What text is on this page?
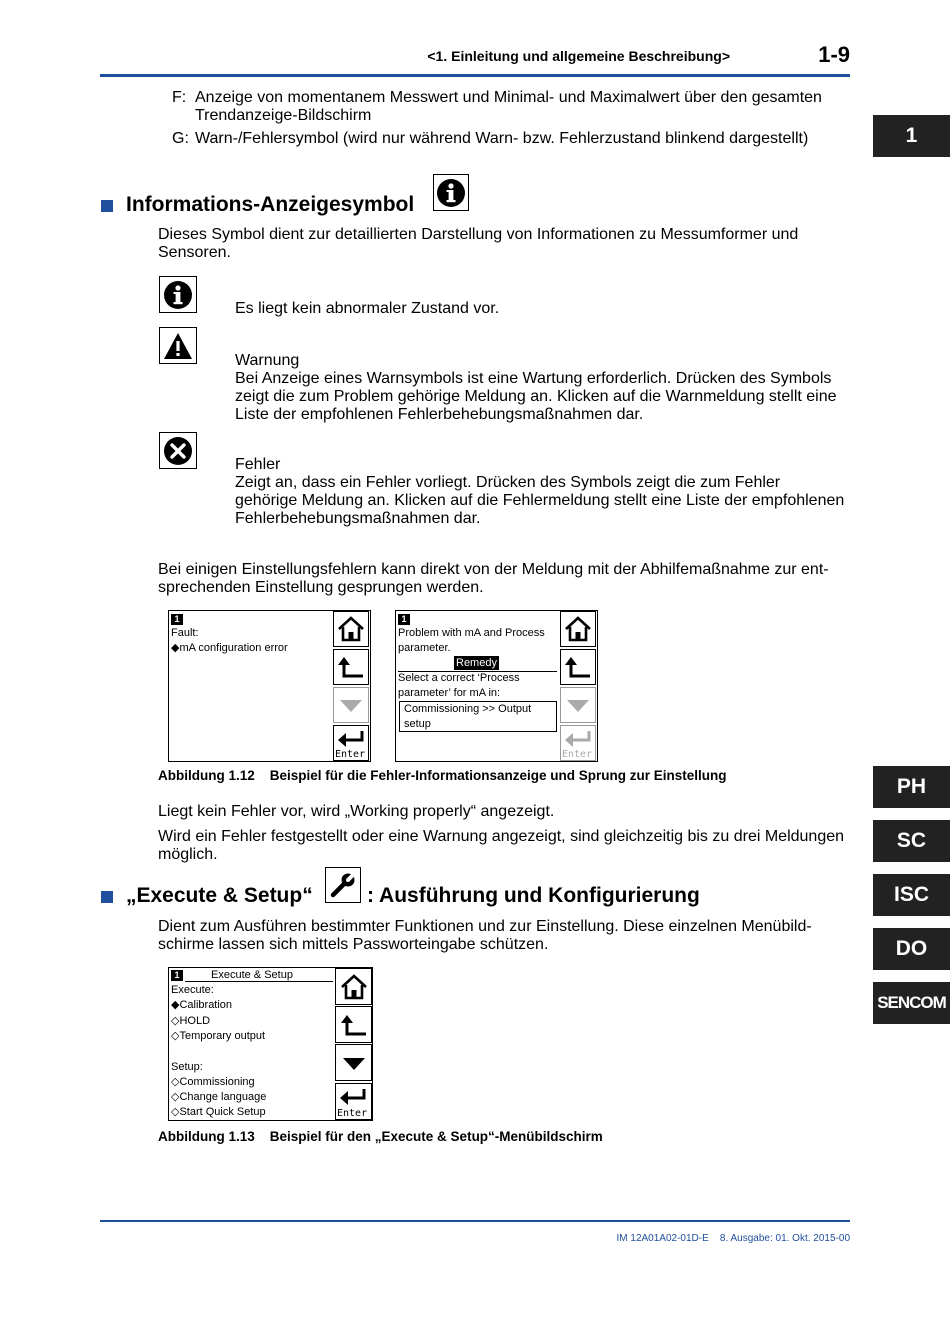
<1. Einleitung und allgemeine Beschreibung>	1-9
F: Anzeige von momentanem Messwert und Minimal- und Maximalwert über den gesamten
Trendanzeige-Bildschirm
G: Warn-/Fehlersymbol (wird nur während Warn- bzw. Fehlerzustand blinkend dargestellt)	1
PH
SC
ISC
DO
SENCOM
Informations-Anzeigesymbol
Dieses Symbol dient zur detaillierten Darstellung von Informationen zu Messumformer und
Sensoren.
Es liegt kein abnormaler Zustand vor.
Warnung
Bei Anzeige eines Warnsymbols ist eine Wartung erforderlich. Drücken des Symbols
zeigt die zum Problem gehörige Meldung an. Klicken auf die Warnmeldung stellt eine
Liste der empfohlenen Fehlerbehebungsmaßnahmen dar.
Fehler
Zeigt an, dass ein Fehler vorliegt. Drücken des Symbols zeigt die zum Fehler
gehörige Meldung an. Klicken auf die Fehlermeldung stellt eine Liste der empfohlenen
Fehlerbehebungsmaßnahmen dar.
Bei einigen Einstellungsfehlern kann direkt von der Meldung mit der Abhilfemaßnahme zur ent-
sprechenden Einstellung gesprungen werden.
1
Fault:
◆mA configuration error
Enter
1
Problem with mA and Process
parameter.
Remedy
Select a correct ‘Process
parameter’ for mA in:
Commissioning >> Output
setup
Enter
Abbildung 1.12    Beispiel für die Fehler-Informationsanzeige und Sprung zur Einstellung
Liegt kein Fehler vor, wird „Working properly“ angezeigt.
Wird ein Fehler festgestellt oder eine Warnung angezeigt, sind gleichzeitig bis zu drei Meldungen
möglich.
„Execute & Setup“	: Ausführung und Konfigurierung
Dient zum Ausführen bestimmter Funktionen und zur Einstellung. Diese einzelnen Menübild-
schirme lassen sich mittels Passworteingabe schützen.
1	Execute & Setup
Execute:
◆Calibration
◇HOLD
◇Temporary output
Setup:
◇Commissioning
◇Change language
◇Start Quick Setup	Enter
Abbildung 1.13    Beispiel für den „Execute & Setup“-Menübildschirm
IM 12A01A02-01D-E 8. Ausgabe: 01. Okt. 2015-00
